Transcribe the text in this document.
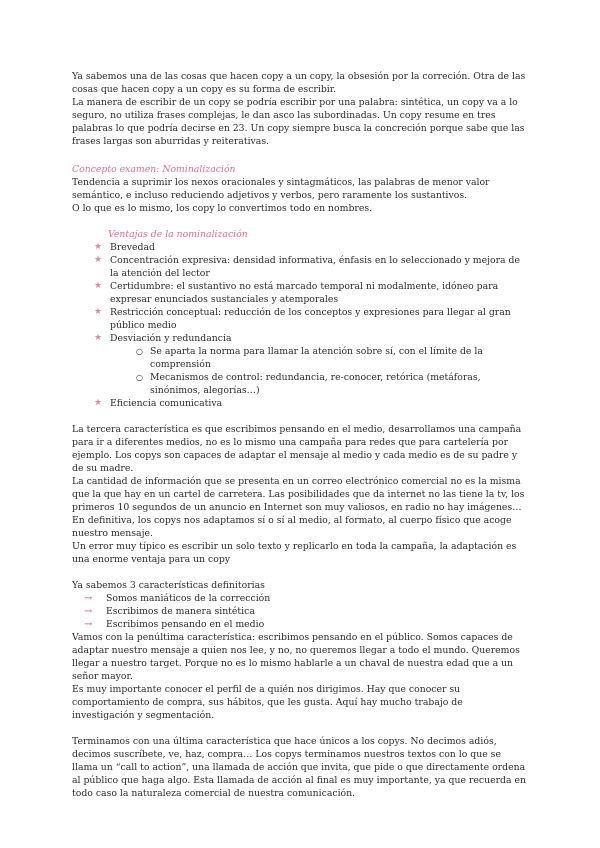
Ya sabemos una de las cosas que hacen copy a un copy, la obsesión por la correción. Otra de las cosas que hacen copy a un copy es su forma de escribir.

La manera de escribir de un copy se podría escribir por una palabra: sintética, un copy va a lo seguro, no utiliza frases complejas, le dan asco las subordinadas. Un copy resume en tres palabras lo que podría decirse en 23. Un copy siempre busca la concreción porque sabe que las frases largas son aburridas y reiterativas.

Concepto examen: Nominalización

Tendencia a suprimir los nexos oracionales y sintagmáticos, las palabras de menor valor semántico, e incluso reduciendo adjetivos y verbos, pero raramente los sustantivos.

O lo que es lo mismo, los copy lo convertimos todo en nombres.

Ventajas de la nominalización

★ Brevedad
★ Concentración expresiva: densidad informativa, énfasis en lo seleccionado y mejora de la atención del lector
★ Certidumbre: el sustantivo no está marcado temporal ni modalmente, idóneo para expresar enunciados sustanciales y atemporales
★ Restricción conceptual: reducción de los conceptos y expresiones para llegar al gran público medio
★ Desviación y redundancia
○ Se aparta la norma para llamar la atención sobre sí, con el límite de la comprensión
○ Mecanismos de control: redundancia, re-conocer, retórica (metáforas, sinónimos, alegorías…)
★ Eficiencia comunicativa

La tercera característica es que escribimos pensando en el medio, desarrollamos una campaña para ir a diferentes medios, no es lo mismo una campaña para redes que para cartelería por ejemplo. Los copys son capaces de adaptar el mensaje al medio y cada medio es de su padre y de su madre.

La cantidad de información que se presenta en un correo electrónico comercial no es la misma que la que hay en un cartel de carretera. Las posibilidades que da internet no las tiene la tv, los primeros 10 segundos de un anuncio en Internet son muy valiosos, en radio no hay imágenes…

En definitiva, los copys nos adaptamos sí o sí al medio, al formato, al cuerpo físico que acoge nuestro mensaje.

Un error muy típico es escribir un solo texto y replicarlo en toda la campaña, la adaptación es una enorme ventaja para un copy

Ya sabemos 3 características definitorias

→ Somos maniáticos de la corrección
→ Escribimos de manera sintética
→ Escribimos pensando en el medio

Vamos con la penúltima característica: escribimos pensando en el público. Somos capaces de adaptar nuestro mensaje a quien nos lee, y no, no queremos llegar a todo el mundo. Queremos llegar a nuestro target. Porque no es lo mismo hablarle a un chaval de nuestra edad que a un señor mayor.

Es muy importante conocer el perfil de a quién nos dirigimos. Hay que conocer su comportamiento de compra, sus hábitos, que les gusta. Aquí hay mucho trabajo de investigación y segmentación.

Terminamos con una última característica que hace únicos a los copys. No decimos adiós, decimos suscríbete, ve, haz, compra… Los copys terminamos nuestros textos con lo que se llama un “call to action”, una llamada de acción que invita, que pide o que directamente ordena al público que haga algo. Esta llamada de acción al final es muy importante, ya que recuerda en todo caso la naturaleza comercial de nuestra comunicación.
